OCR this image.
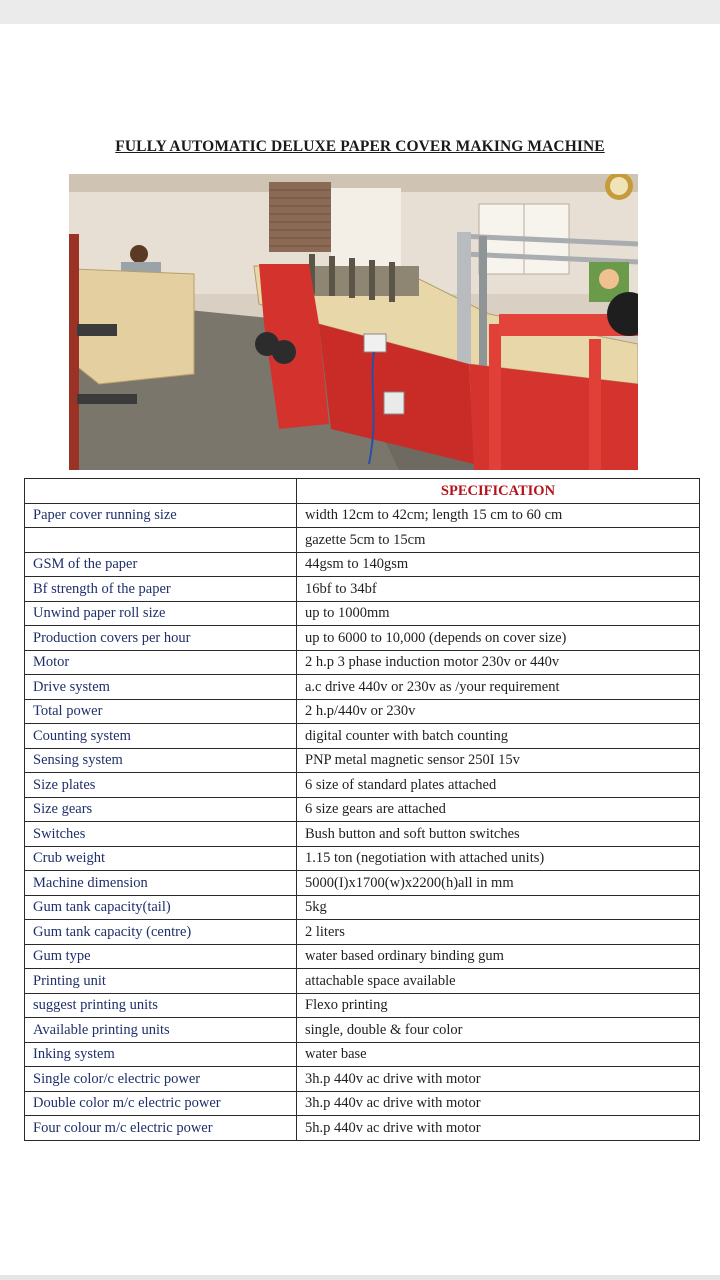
FULLY AUTOMATIC DELUXE PAPER COVER MAKING MACHINE
	SPECIFICATION
Paper cover running size	width 12cm to 42cm; length 15 cm to 60 cm
	gazette 5cm to 15cm
GSM of the paper	44gsm to 140gsm
Bf strength of the paper	16bf to 34bf
Unwind paper roll size	up to 1000mm
Production covers per hour	up to 6000 to 10,000 (depends on cover size)
Motor	2 h.p 3 phase induction motor 230v or 440v
Drive system	a.c drive 440v or 230v as /your requirement
Total power	2 h.p/440v or 230v
Counting system	digital counter with batch counting
Sensing system	PNP metal magnetic sensor 250I 15v
Size plates	6 size of standard plates attached
Size gears	6 size gears are attached
Switches	Bush button and soft button switches
Crub weight	1.15 ton (negotiation with attached units)
Machine dimension	5000(I)x1700(w)x2200(h)all in mm
Gum tank capacity(tail)	5kg
Gum tank capacity (centre)	2 liters
Gum type	water based ordinary binding gum
Printing unit	attachable space available
suggest printing units	Flexo printing
Available printing units	single, double & four color
Inking system	water base
Single color/c electric power	3h.p 440v ac drive with motor
Double color m/c electric power	3h.p 440v ac drive with motor
Four colour m/c electric power	5h.p 440v ac drive with motor
